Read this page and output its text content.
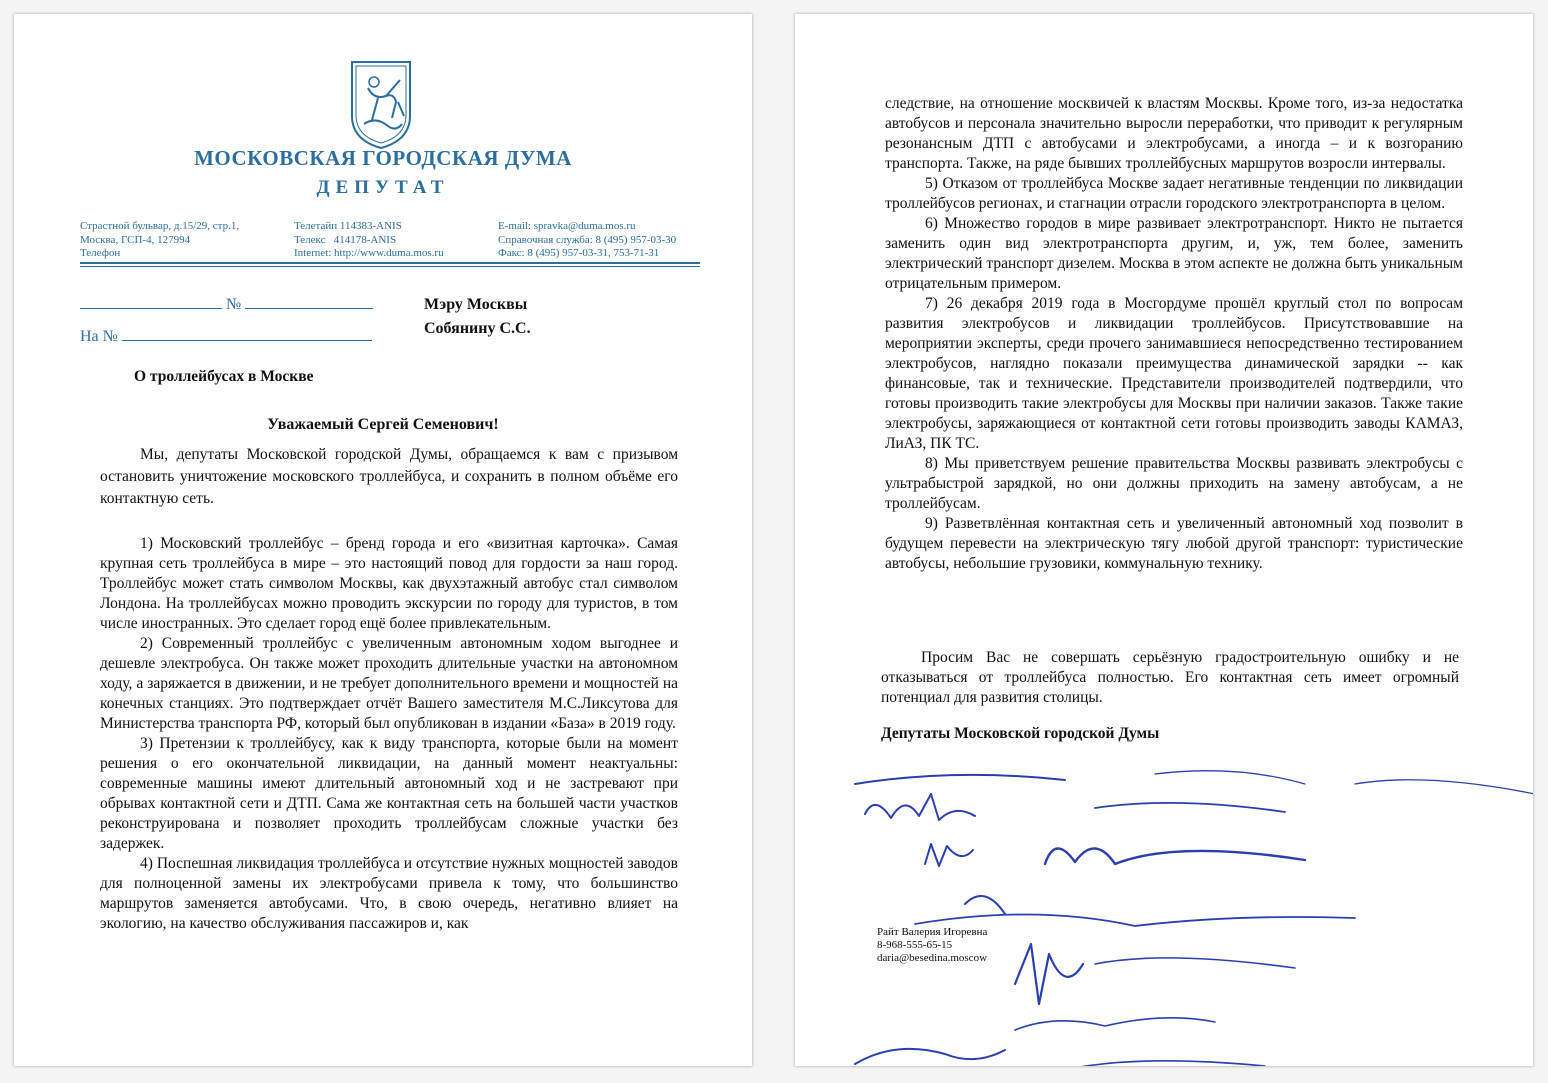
МОСКОВСКАЯ ГОРОДСКАЯ ДУМА
ДЕПУТАТ
Страстной бульвар, д.15/29, стр.1,
Москва, ГСП-4, 127994
Телефон
Телетайп 114383-ANIS
Телекс   414178-ANIS
Internet: http://www.duma.mos.ru
E-mail: spravka@duma.mos.ru
Справочная служба: 8 (495) 957-03-30
Факс: 8 (495) 957-03-31, 753-71-31
№
На №
Мэру Москвы
Собянину С.С.
О троллейбусах в Москве
Уважаемый Сергей Семенович!

Мы, депутаты Московской городской Думы, обращаемся к вам с призывом остановить уничтожение московского троллейбуса, и сохранить в полном объёме его контактную сеть.

1) Московский троллейбус – бренд города и его «визитная карточка». Самая крупная сеть троллейбуса в мире – это настоящий повод для гордости за наш город. Троллейбус может стать символом Москвы, как двухэтажный автобус стал символом Лондона. На троллейбусах можно проводить экскурсии по городу для туристов, в том числе иностранных. Это сделает город ещё более привлекательным.

2) Современный троллейбус с увеличенным автономным ходом выгоднее и дешевле электробуса. Он также может проходить длительные участки на автономном ходу, а заряжается в движении, и не требует дополнительного времени и мощностей на конечных станциях. Это подтверждает отчёт Вашего заместителя М.С.Ликсутова для Министерства транспорта РФ, который был опубликован в издании «База» в 2019 году.

3) Претензии к троллейбусу, как к виду транспорта, которые были на момент решения о его окончательной ликвидации, на данный момент неактуальны: современные машины имеют длительный автономный ход и не застревают при обрывах контактной сети и ДТП. Сама же контактная сеть на большей части участков реконструирована и позволяет проходить троллейбусам сложные участки без задержек.

4) Поспешная ликвидация троллейбуса и отсутствие нужных мощностей заводов для полноценной замены их электробусами привела к тому, что большинство маршрутов заменяется автобусами. Что, в свою очередь, негативно влияет на экологию, на качество обслуживания пассажиров и, как

следствие, на отношение москвичей к властям Москвы. Кроме того, из-за недостатка автобусов и персонала значительно выросли переработки, что приводит к регулярным резонансным ДТП с автобусами и электробусами, а иногда – и к возгоранию транспорта. Также, на ряде бывших троллейбусных маршрутов возросли интервалы.

5) Отказом от троллейбуса Москве задает негативные тенденции по ликвидации троллейбусов регионах, и стагнации отрасли городского электротранспорта в целом.

6) Множество городов в мире развивает электротранспорт. Никто не пытается заменить один вид электротранспорта другим, и, уж, тем более, заменить электрический транспорт дизелем. Москва в этом аспекте не должна быть уникальным отрицательным примером.

7) 26 декабря 2019 года в Мосгордуме прошёл круглый стол по вопросам развития электробусов и ликвидации троллейбусов. Присутствовавшие на мероприятии эксперты, среди прочего занимавшиеся непосредственно тестированием электробусов, наглядно показали преимущества динамической зарядки -- как финансовые, так и технические. Представители производителей подтвердили, что готовы производить такие электробусы для Москвы при наличии заказов. Также такие электробусы, заряжающиеся от контактной сети готовы производить заводы КАМАЗ, ЛиАЗ, ПК ТС.

8) Мы приветствуем решение правительства Москвы развивать электробусы с ультрабыстрой зарядкой, но они должны приходить на замену автобусам, а не троллейбусам.

9) Разветвлённая контактная сеть и увеличенный автономный ход позволит в будущем перевести на электрическую тягу любой другой транспорт: туристические автобусы, небольшие грузовики, коммунальную технику.

Просим Вас не совершать серьёзную градостроительную ошибку и не отказываться от троллейбуса полностью. Его контактная сеть имеет огромный потенциал для развития столицы.

Депутаты Московской городской Думы
Райт Валерия Игоревна
8-968-555-65-15
daria@besedina.moscow
